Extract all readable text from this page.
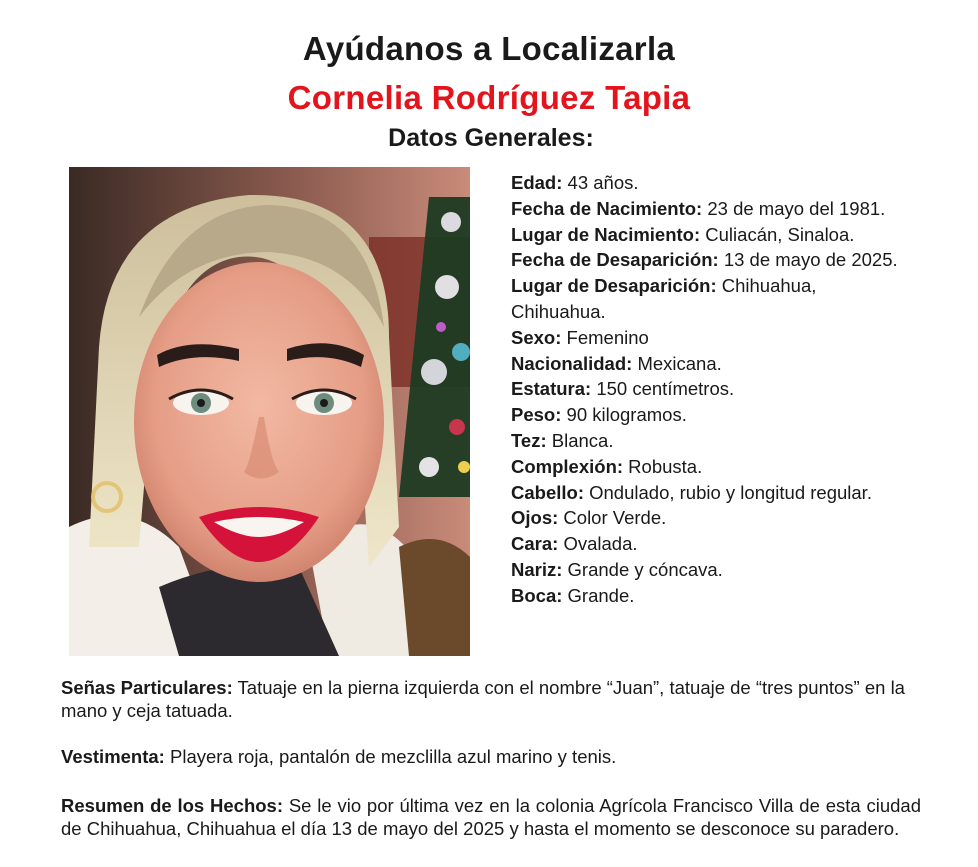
Ayúdanos a Localizarla
Cornelia Rodríguez Tapia
Datos Generales:
Edad: 43 años.
Fecha de Nacimiento: 23 de mayo del 1981.
Lugar de Nacimiento: Culiacán, Sinaloa.
Fecha de Desaparición: 13 de mayo de 2025.
Lugar de Desaparición: Chihuahua, Chihuahua.
Sexo: Femenino
Nacionalidad: Mexicana.
Estatura: 150 centímetros.
Peso: 90 kilogramos.
Tez: Blanca.
Complexión: Robusta.
Cabello: Ondulado, rubio y longitud regular.
Ojos: Color Verde.
Cara: Ovalada.
Nariz: Grande y cóncava.
Boca: Grande.

Señas Particulares: Tatuaje en la pierna izquierda con el nombre “Juan”, tatuaje de “tres puntos” en la mano y ceja tatuada.

Vestimenta: Playera roja, pantalón de mezclilla azul marino y tenis.

Resumen de los Hechos: Se le vio por última vez en la colonia Agrícola Francisco Villa de esta ciudad de Chihuahua, Chihuahua el día 13 de mayo del 2025 y hasta el momento se desconoce su paradero.
